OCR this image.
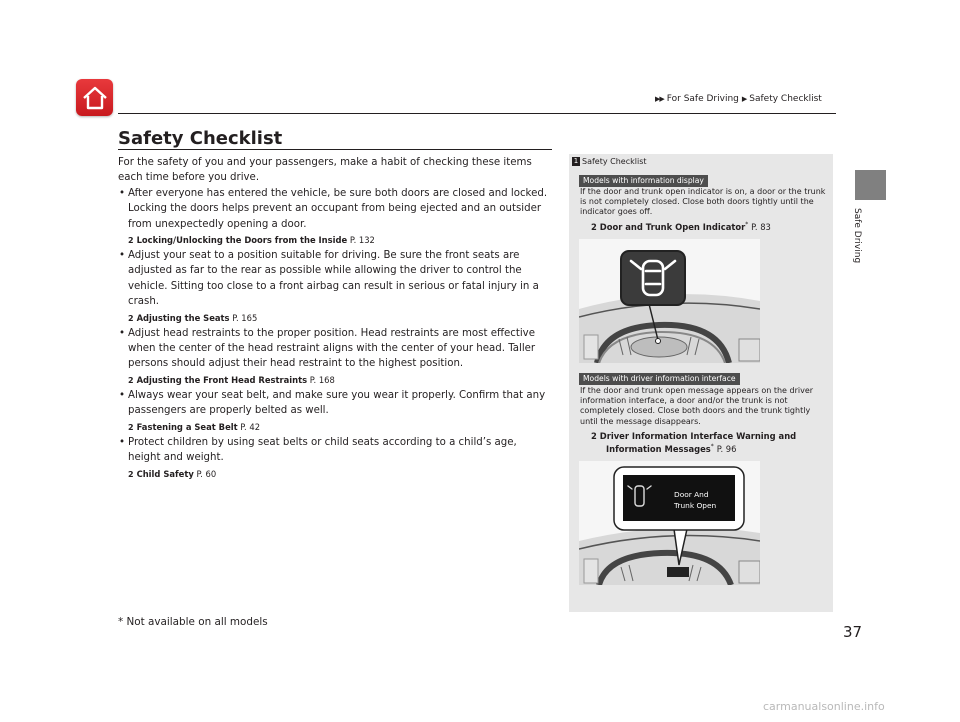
▶▶ For Safe Driving ▶ Safety Checklist
Safe Driving
Safety Checklist

For the safety of you and your passengers, make a habit of checking these items each time before you drive.

• After everyone has entered the vehicle, be sure both doors are closed and locked. Locking the doors helps prevent an occupant from being ejected and an outsider from unexpectedly opening a door.

2 Locking/Unlocking the Doors from the Inside P. 132

• Adjust your seat to a position suitable for driving. Be sure the front seats are adjusted as far to the rear as possible while allowing the driver to control the vehicle. Sitting too close to a front airbag can result in serious or fatal injury in a crash.

2 Adjusting the Seats P. 165

• Adjust head restraints to the proper position. Head restraints are most effective when the center of the head restraint aligns with the center of your head. Taller persons should adjust their head restraint to the highest position.

2 Adjusting the Front Head Restraints P. 168

• Always wear your seat belt, and make sure you wear it properly. Confirm that any passengers are properly belted as well.

2 Fastening a Seat Belt P. 42

• Protect children by using seat belts or child seats according to a child’s age, height and weight.

2 Child Safety P. 60
1 Safety Checklist
Models with information display
If the door and trunk open indicator is on, a door or the trunk is not completely closed. Close both doors tightly until the indicator goes off.
2 Door and Trunk Open Indicator* P. 83
Models with driver information interface
If the door and trunk open message appears on the driver information interface, a door and/or the trunk is not completely closed. Close both doors and the trunk tightly until the message disappears.
2 Driver Information Interface Warning and
Information Messages* P. 96
Door And
Trunk Open
* Not available on all models
37
carmanualsonline.info
